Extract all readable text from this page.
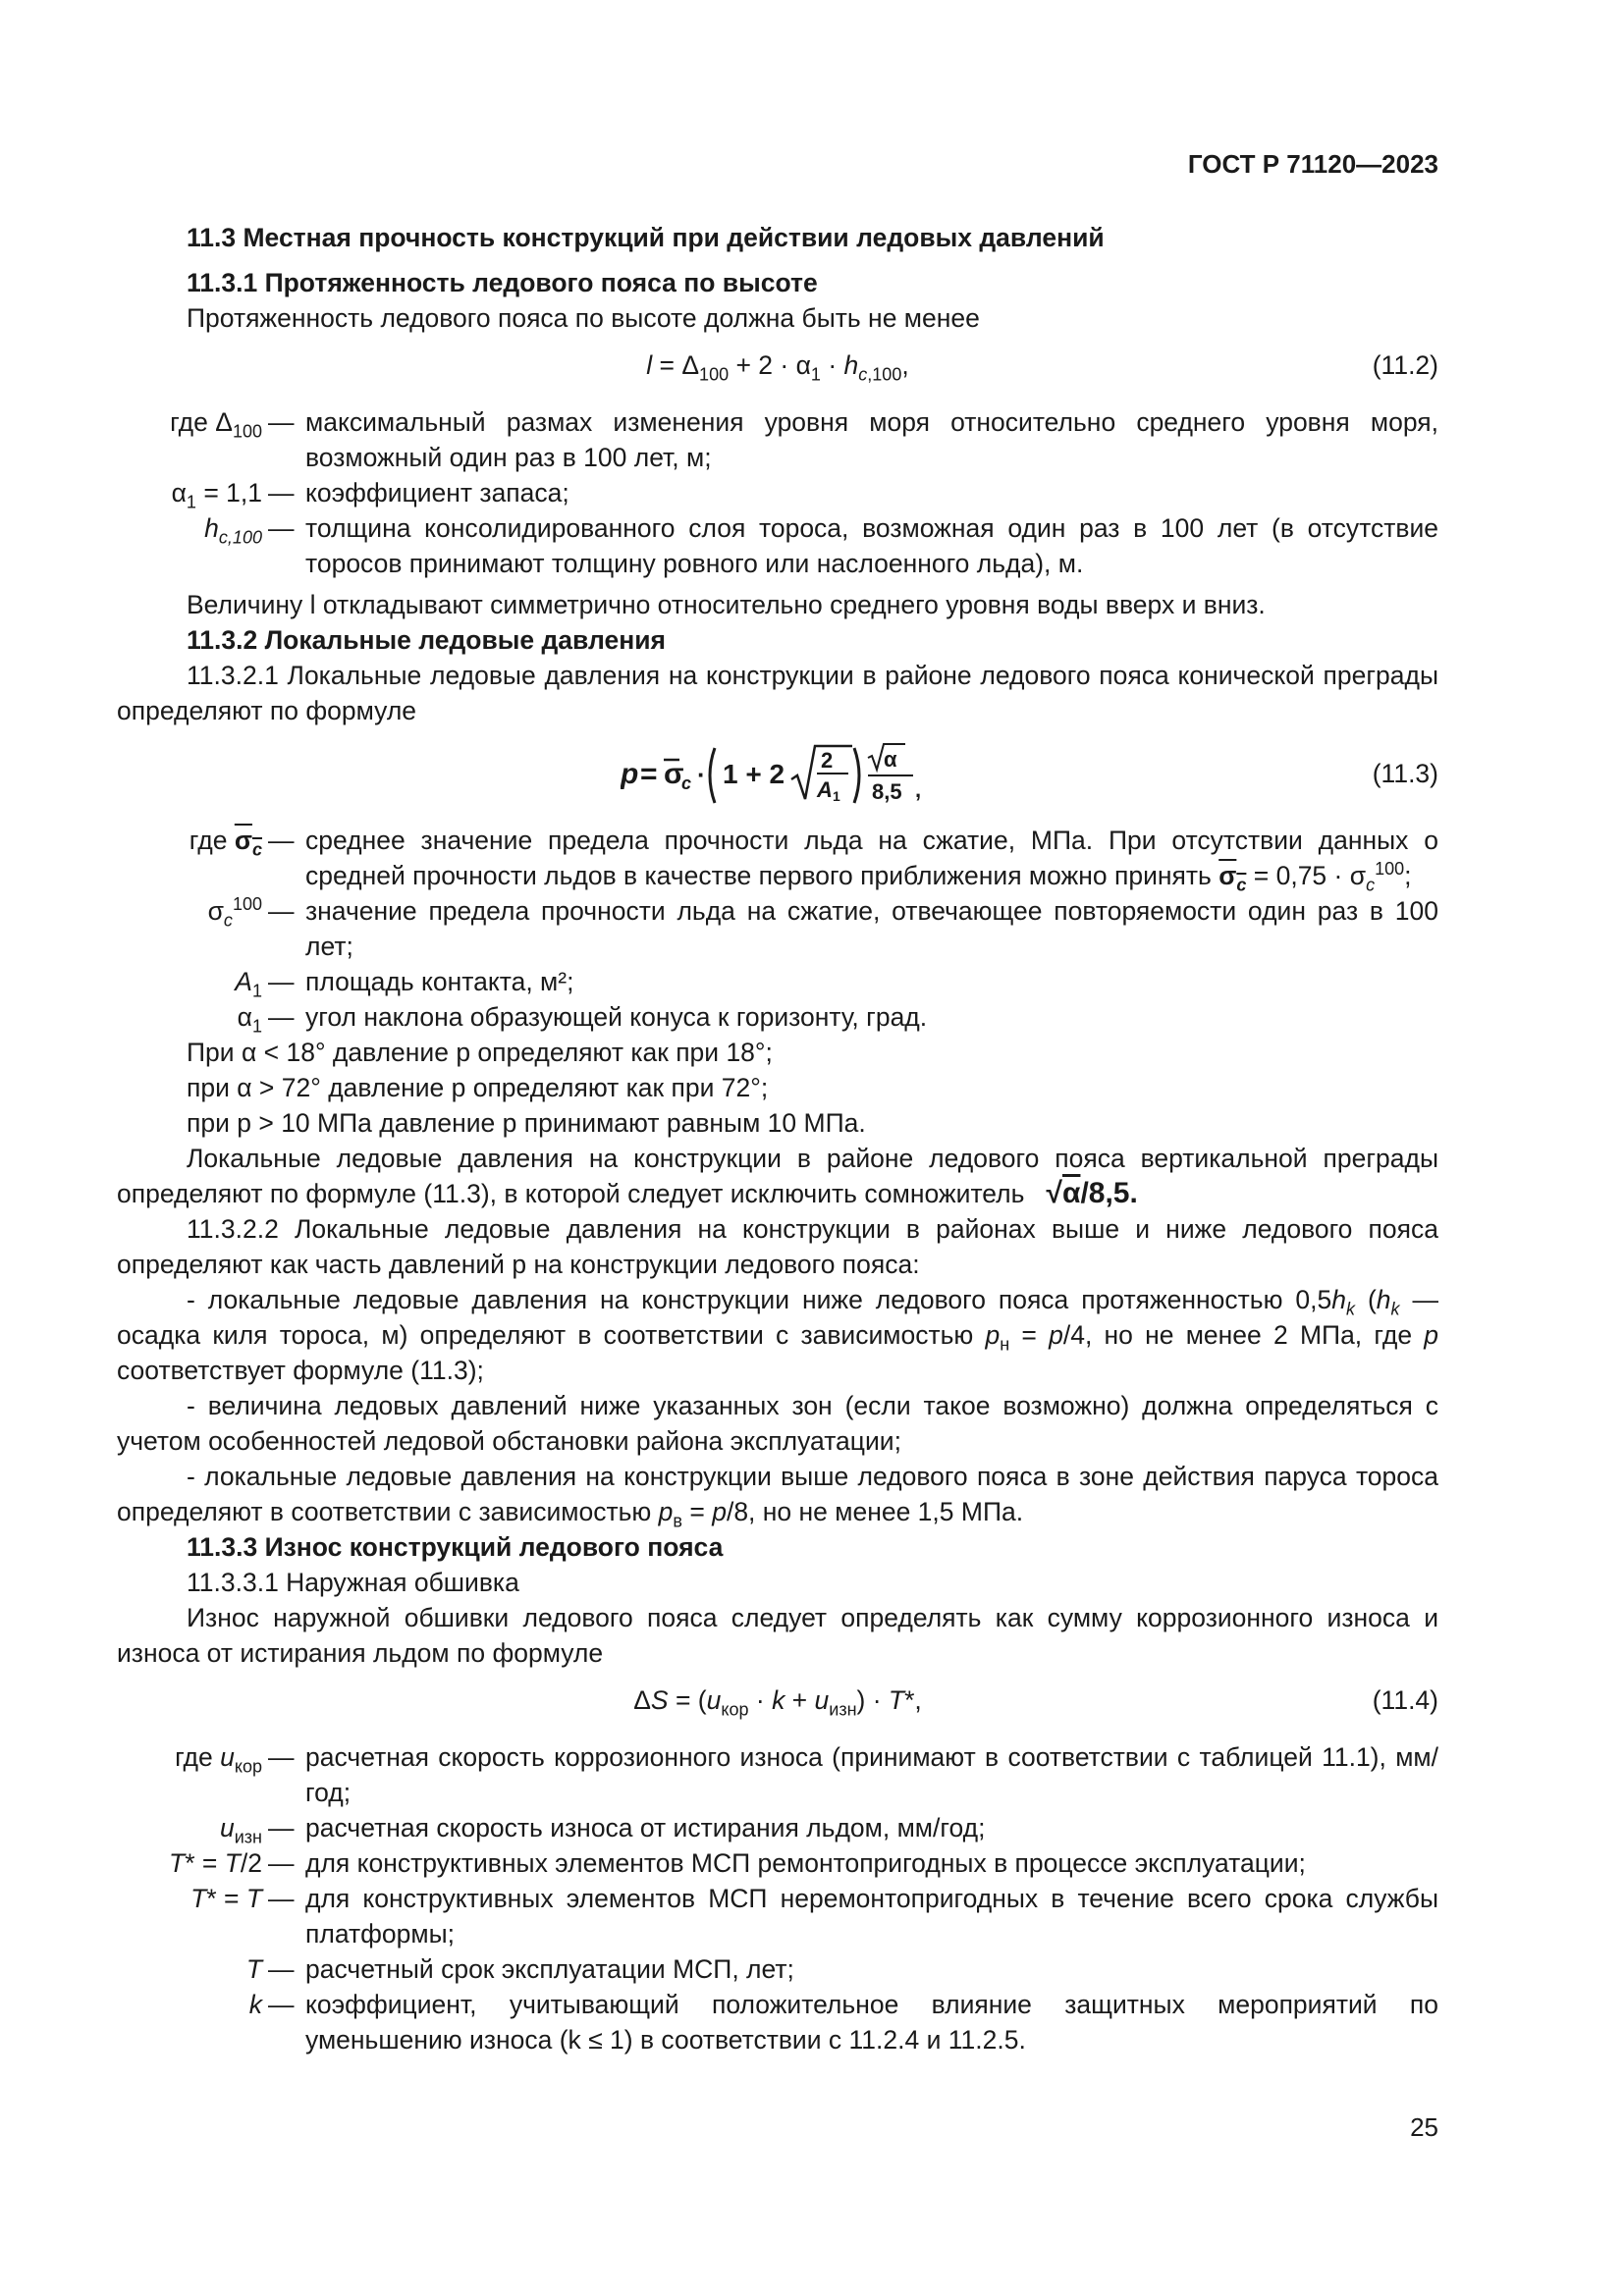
ГОСТ Р 71120—2023

11.3 Местная прочность конструкций при действии ледовых давлений

11.3.1 Протяженность ледового пояса по высоте

Протяженность ледового пояса по высоте должна быть не менее

$l = \Delta_{100} + 2 \cdot \alpha_1 \cdot h_{c,100}$,	(11.2)
где $\Delta_{100}$ — максимальный размах изменения уровня моря относительно среднего уровня моря, возможный один раз в 100 лет, м;
$\alpha_1 = 1,1$ — коэффициент запаса;
$h_{c,100}$ — толщина консолидированного слоя тороса, возможная один раз в 100 лет (в отсутствие торосов принимают толщину ровного или наслоенного льда), м.

Величину l откладывают симметрично относительно среднего уровня воды вверх и вниз.

11.3.2 Локальные ледовые давления

11.3.2.1 Локальные ледовые давления на конструкции в районе ледового пояса конической преграды определяют по формуле

p = σ
c · 1 + 2 2
A 1
α
8,5 ,
(11.3)
где $\sigma_c$ — среднее значение предела прочности льда на сжатие, МПа. При отсутствии данных о средней прочности льдов в качестве первого приближения можно принять $\sigma_c = 0,75 \cdot \sigma_c^{100}$;
$\sigma_c^{100}$ — значение предела прочности льда на сжатие, отвечающее повторяемости один раз в 100 лет;
$A_1$ — площадь контакта, м²;
$\alpha_1$ — угол наклона образующей конуса к горизонту, град.

При α < 18° давление p определяют как при 18°;

при α > 72° давление p определяют как при 72°;

при p > 10 МПа давление p принимают равным 10 МПа.

Локальные ледовые давления на конструкции в районе ледового пояса вертикальной преграды определяют по формуле (11.3), в которой следует исключить сомножитель √α/8,5.

11.3.2.2 Локальные ледовые давления на конструкции в районах выше и ниже ледового пояса определяют как часть давлений p на конструкции ледового пояса:

- локальные ледовые давления на конструкции ниже ледового пояса протяженностью $0,5h_k$ ($h_k$ — осадка киля тороса, м) определяют в соответствии с зависимостью $p_н = p/4$, но не менее 2 МПа, где p соответствует формуле (11.3);

- величина ледовых давлений ниже указанных зон (если такое возможно) должна определяться с учетом особенностей ледовой обстановки района эксплуатации;

- локальные ледовые давления на конструкции выше ледового пояса в зоне действия паруса тороса определяют в соответствии с зависимостью $p_в = p/8$, но не менее 1,5 МПа.

11.3.3 Износ конструкций ледового пояса

11.3.3.1 Наружная обшивка

Износ наружной обшивки ледового пояса следует определять как сумму коррозионного износа и износа от истирания льдом по формуле

$\Delta S = (u_{кор} \cdot k + u_{изн}) \cdot T*$,	(11.4)
где $u_{кор}$ — расчетная скорость коррозионного износа (принимают в соответствии с таблицей 11.1), мм/год;
$u_{изн}$ — расчетная скорость износа от истирания льдом, мм/год;
T* = T/2 — для конструктивных элементов МСП ремонтопригодных в процессе эксплуатации;
T* = T — для конструктивных элементов МСП неремонтопригодных в течение всего срока службы платформы;
T — расчетный срок эксплуатации МСП, лет;
k — коэффициент, учитывающий положительное влияние защитных мероприятий по уменьшению износа (k ≤ 1) в соответствии с 11.2.4 и 11.2.5.
25
